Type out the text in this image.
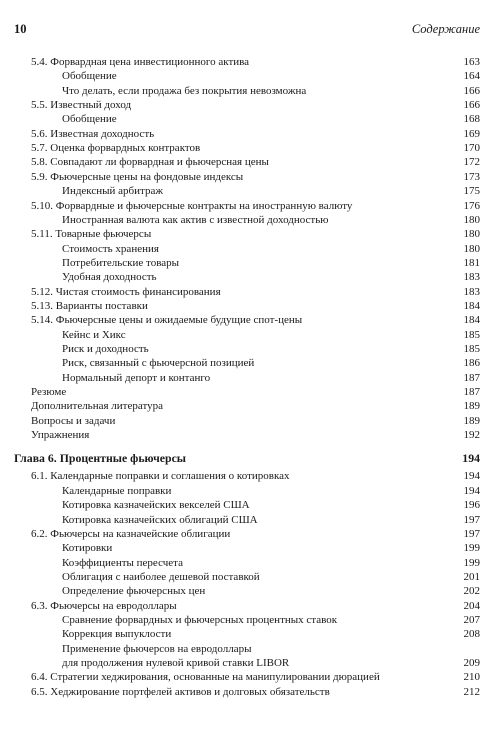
10	Содержание
5.4. Форвардная цена инвестиционного актива	163
Обобщение	164
Что делать, если продажа без покрытия невозможна	166
5.5. Известный доход	166
Обобщение	168
5.6. Известная доходность	169
5.7. Оценка форвардных контрактов	170
5.8. Совпадают ли форвардная и фьючерсная цены	172
5.9. Фьючерсные цены на фондовые индексы	173
Индексный арбитраж	175
5.10. Форвардные и фьючерсные контракты на иностранную валюту	176
Иностранная валюта как актив с известной доходностью	180
5.11. Товарные фьючерсы	180
Стоимость хранения	180
Потребительские товары	181
Удобная доходность	183
5.12. Чистая стоимость финансирования	183
5.13. Варианты поставки	184
5.14. Фьючерсные цены и ожидаемые будущие спот-цены	184
Кейнс и Хикс	185
Риск и доходность	185
Риск, связанный с фьючерсной позицией	186
Нормальный депорт и контанго	187
Резюме	187
Дополнительная литература	189
Вопросы и задачи	189
Упражнения	192
Глава 6. Процентные фьючерсы	194
6.1. Календарные поправки и соглашения о котировках	194
Календарные поправки	194
Котировка казначейских векселей США	196
Котировка казначейских облигаций США	197
6.2. Фьючерсы на казначейские облигации	197
Котировки	199
Коэффициенты пересчета	199
Облигация с наиболее дешевой поставкой	201
Определение фьючерсных цен	202
6.3. Фьючерсы на евродоллары	204
Сравнение форвардных и фьючерсных процентных ставок	207
Коррекция выпуклости	208
Применение фьючерсов на евродоллары
для продолжения нулевой кривой ставки LIBOR	209
6.4. Стратегии хеджирования, основанные на манипулировании дюрацией	210
6.5. Хеджирование портфелей активов и долговых обязательств	212
